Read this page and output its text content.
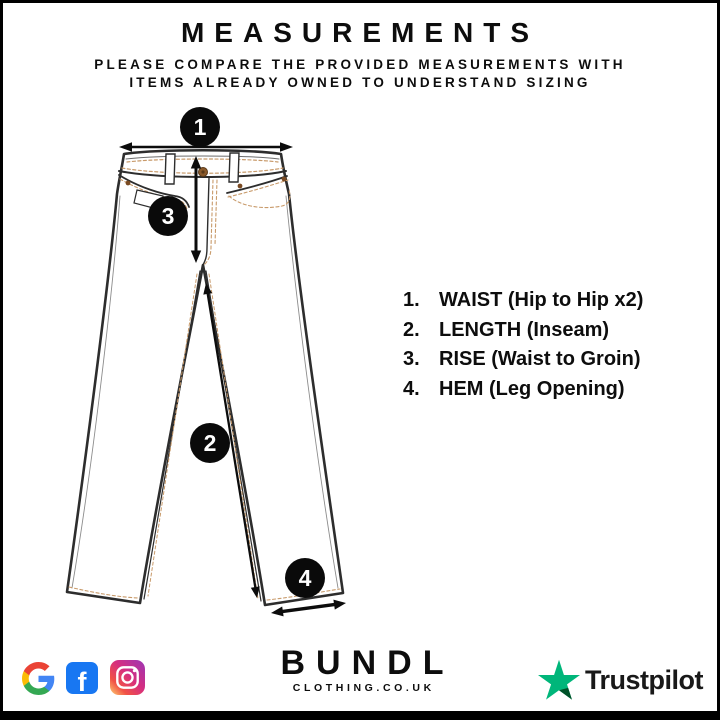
MEASUREMENTS
PLEASE COMPARE THE PROVIDED MEASUREMENTS WITH
ITEMS ALREADY OWNED TO UNDERSTAND SIZING
1
2
3
4
1. WAIST (Hip to Hip x2)
2. LENGTH (Inseam)
3. RISE (Waist to Groin)
4. HEM (Leg Opening)
f	BUNDL
CLOTHING.CO.UK	Trustpilot
